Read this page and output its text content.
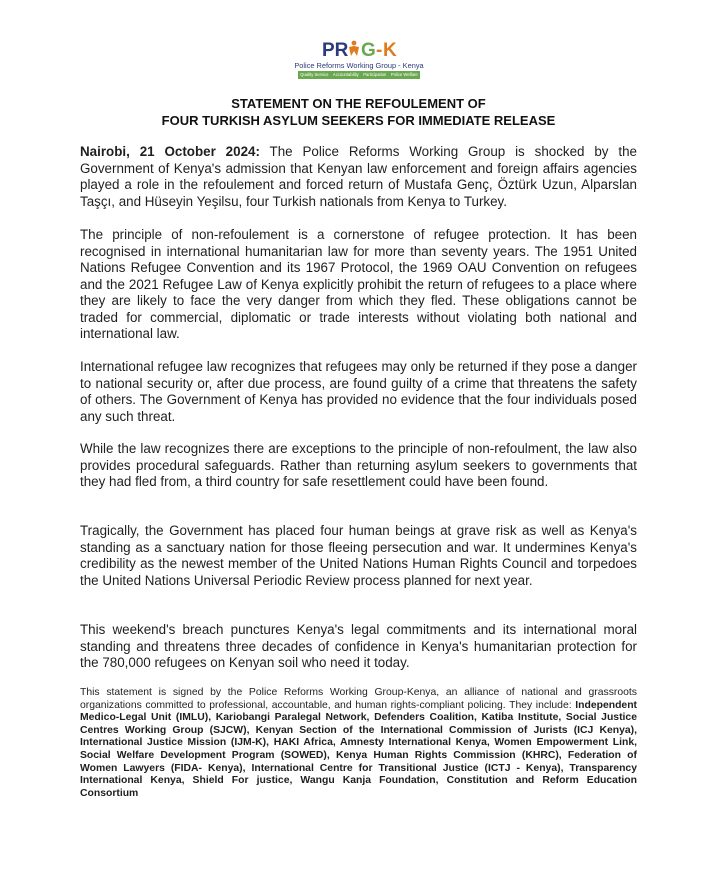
PR G - K
Police Reforms Working Group - Kenya
Quality Service Accountability Participation Police Welfare
STATEMENT ON THE REFOULEMENT OF
FOUR TURKISH ASYLUM SEEKERS FOR IMMEDIATE RELEASE

Nairobi, 21 October 2024: The Police Reforms Working Group is shocked by the Government of Kenya's admission that Kenyan law enforcement and foreign affairs agencies played a role in the refoulement and forced return of Mustafa Genç, Öztürk Uzun, Alparslan Taşçı, and Hüseyin Yeşilsu, four Turkish nationals from Kenya to Turkey.

The principle of non-refoulement is a cornerstone of refugee protection. It has been recognised in international humanitarian law for more than seventy years. The 1951 United Nations Refugee Convention and its 1967 Protocol, the 1969 OAU Convention on refugees and the 2021 Refugee Law of Kenya explicitly prohibit the return of refugees to a place where they are likely to face the very danger from which they fled. These obligations cannot be traded for commercial, diplomatic or trade interests without violating both national and international law.

International refugee law recognizes that refugees may only be returned if they pose a danger to national security or, after due process, are found guilty of a crime that threatens the safety of others. The Government of Kenya has provided no evidence that the four individuals posed any such threat.

While the law recognizes there are exceptions to the principle of non-refoulment, the law also provides procedural safeguards. Rather than returning asylum seekers to governments that they had fled from, a third country for safe resettlement could have been found.

Tragically, the Government has placed four human beings at grave risk as well as Kenya's standing as a sanctuary nation for those fleeing persecution and war. It undermines Kenya's credibility as the newest member of the United Nations Human Rights Council and torpedoes the United Nations Universal Periodic Review process planned for next year.

This weekend's breach punctures Kenya's legal commitments and its international moral standing and threatens three decades of confidence in Kenya's humanitarian protection for the 780,000 refugees on Kenyan soil who need it today.

This statement is signed by the Police Reforms Working Group-Kenya, an alliance of national and grassroots organizations committed to professional, accountable, and human rights-compliant policing. They include: Independent Medico-Legal Unit (IMLU), Kariobangi Paralegal Network, Defenders Coalition, Katiba Institute, Social Justice Centres Working Group (SJCW), Kenyan Section of the International Commission of Jurists (ICJ Kenya), International Justice Mission (IJM-K), HAKI Africa, Amnesty International Kenya, Women Empowerment Link, Social Welfare Development Program (SOWED), Kenya Human Rights Commission (KHRC), Federation of Women Lawyers (FIDA- Kenya), International Centre for Transitional Justice (ICTJ - Kenya), Transparency International Kenya, Shield For justice, Wangu Kanja Foundation, Constitution and Reform Education Consortium
